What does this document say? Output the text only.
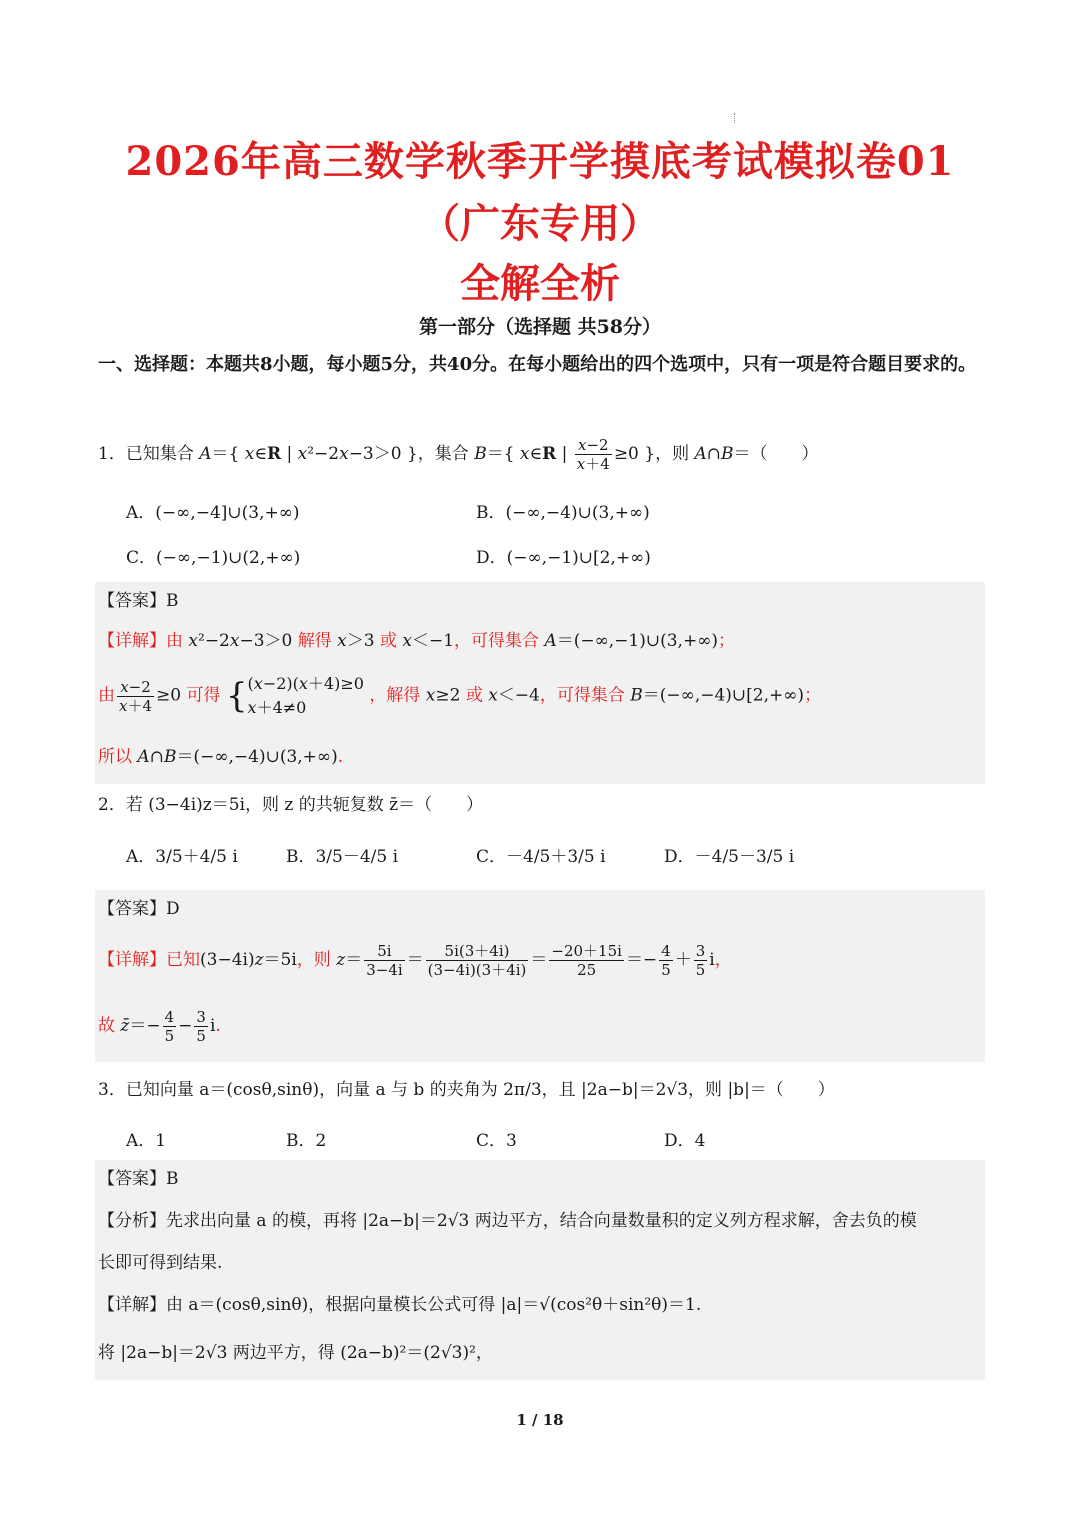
2026年高三数学秋季开学摸底考试模拟卷01
（广东专用）
全解全析
第一部分（选择题 共58分）
一、选择题：本题共8小题，每小题5分，共40分。在每小题给出的四个选项中，只有一项是符合题目要求的。
1．已知集合 A＝{ x∈R | x²−2x−3＞0 }，集合 B＝{ x∈R | $\frac{x-2}{x+4} \ge 0$ }，则 A∩B＝（　　）
A．(−∞,−4]∪(3,+∞)	B．(−∞,−4)∪(3,+∞)
C．(−∞,−1)∪(2,+∞)	D．(−∞,−1)∪[2,+∞)
【答案】B
【详解】由 x²−2x−3＞0 解得 x＞3 或 x＜−1，可得集合 A＝(−∞,−1)∪(3,+∞)；
由 $\frac{x-2}{x+4} \ge 0$ 可得 {(x−2)(x＋4)≥0
x＋4≠0 ，解得 x≥2 或 x＜−4，可得集合 B＝(−∞,−4)∪[2,+∞)；
所以 A∩B＝(−∞,−4)∪(3,+∞).
2．若 (3−4i)z＝5i，则 z 的共轭复数 z̄＝（　　）
A．3/5＋4/5 i	B．3/5－4/5 i	C．－4/5＋3/5 i	D．－4/5－3/5 i
【答案】D
【详解】已知(3−4i)z＝5i，则 $z= \frac{5i}{3-4i} = \frac{5i(3+4i)}{(3-4i)(3+4i)} = \frac{-20+15i}{25} =- \frac{4}{5} + \frac{3}{5}$ i，
故 z̄＝− $\frac{4}{5} - \frac{3}{5} i$.
3．已知向量 a＝(cosθ,sinθ)，向量 a 与 b 的夹角为 2π/3，且 |2a−b|＝2√3，则 |b|＝（　　）
A．1	B．2	C．3	D．4
【答案】B
【分析】先求出向量 a 的模，再将 |2a−b|＝2√3 两边平方，结合向量数量积的定义列方程求解，舍去负的模
长即可得到结果.
【详解】由 a＝(cosθ,sinθ)，根据向量模长公式可得 |a|＝√(cos²θ＋sin²θ)＝1.
将 |2a−b|＝2√3 两边平方，得 (2a−b)²＝(2√3)²，
1 / 18
